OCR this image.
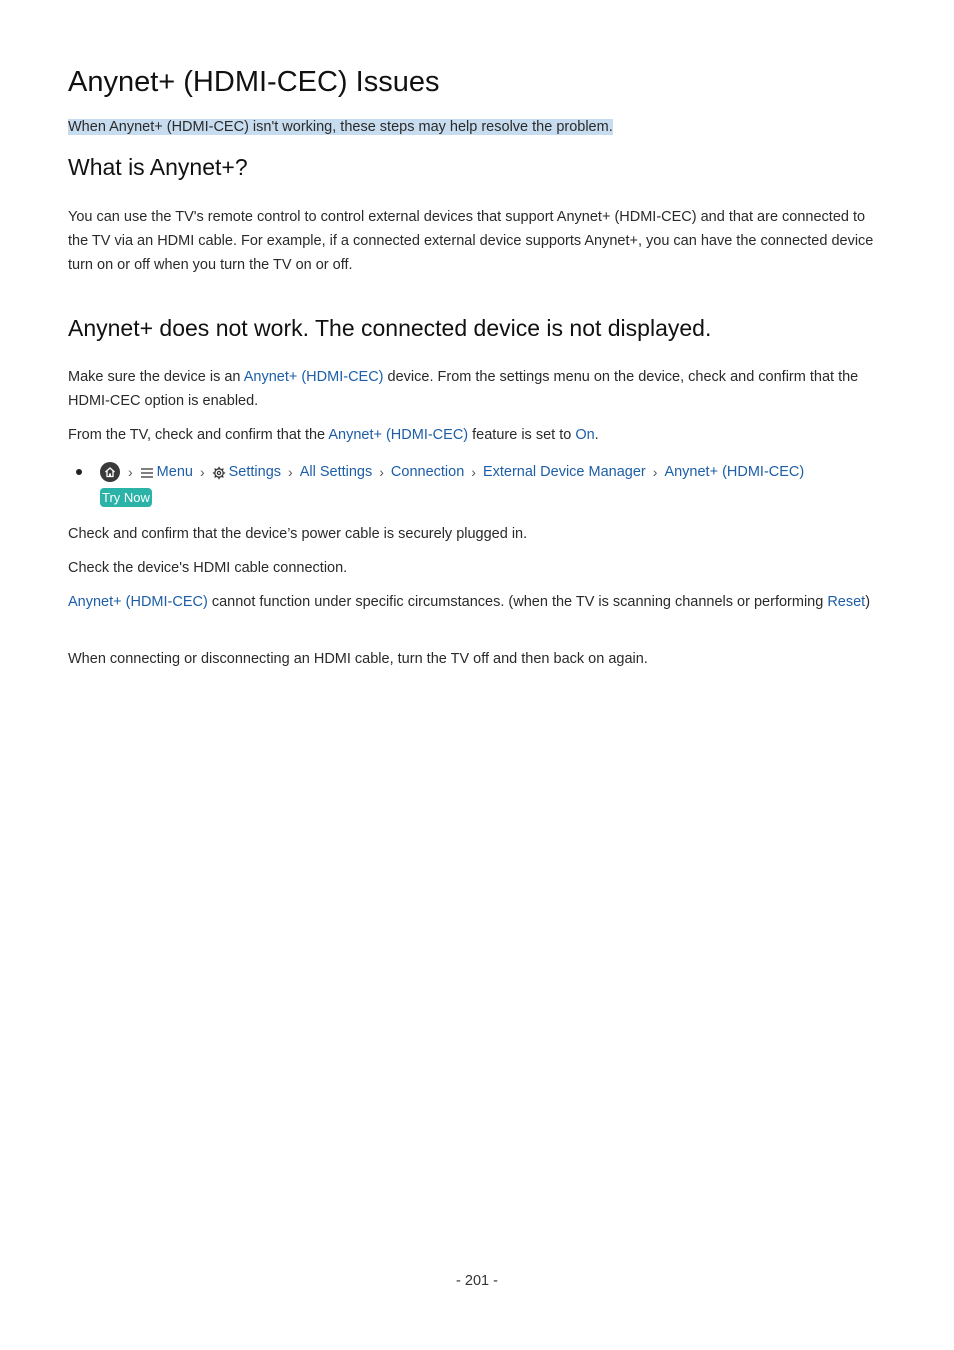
Anynet+ (HDMI-CEC) Issues

When Anynet+ (HDMI-CEC) isn't working, these steps may help resolve the problem.

What is Anynet+?

You can use the TV's remote control to control external devices that support Anynet+ (HDMI-CEC) and that are connected to the TV via an HDMI cable. For example, if a connected external device supports Anynet+, you can have the connected device turn on or off when you turn the TV on or off.

Anynet+ does not work. The connected device is not displayed.

Make sure the device is an Anynet+ (HDMI-CEC) device. From the settings menu on the device, check and confirm that the HDMI-CEC option is enabled.

From the TV, check and confirm that the Anynet+ (HDMI-CEC) feature is set to On.

› Menu › Settings › All Settings › Connection › External Device Manager › Anynet+ (HDMI-CEC)
Try Now

Check and confirm that the device’s power cable is securely plugged in.

Check the device's HDMI cable connection.

Anynet+ (HDMI-CEC) cannot function under specific circumstances. (when the TV is scanning channels or performing Reset)

When connecting or disconnecting an HDMI cable, turn the TV off and then back on again.

- 201 -
